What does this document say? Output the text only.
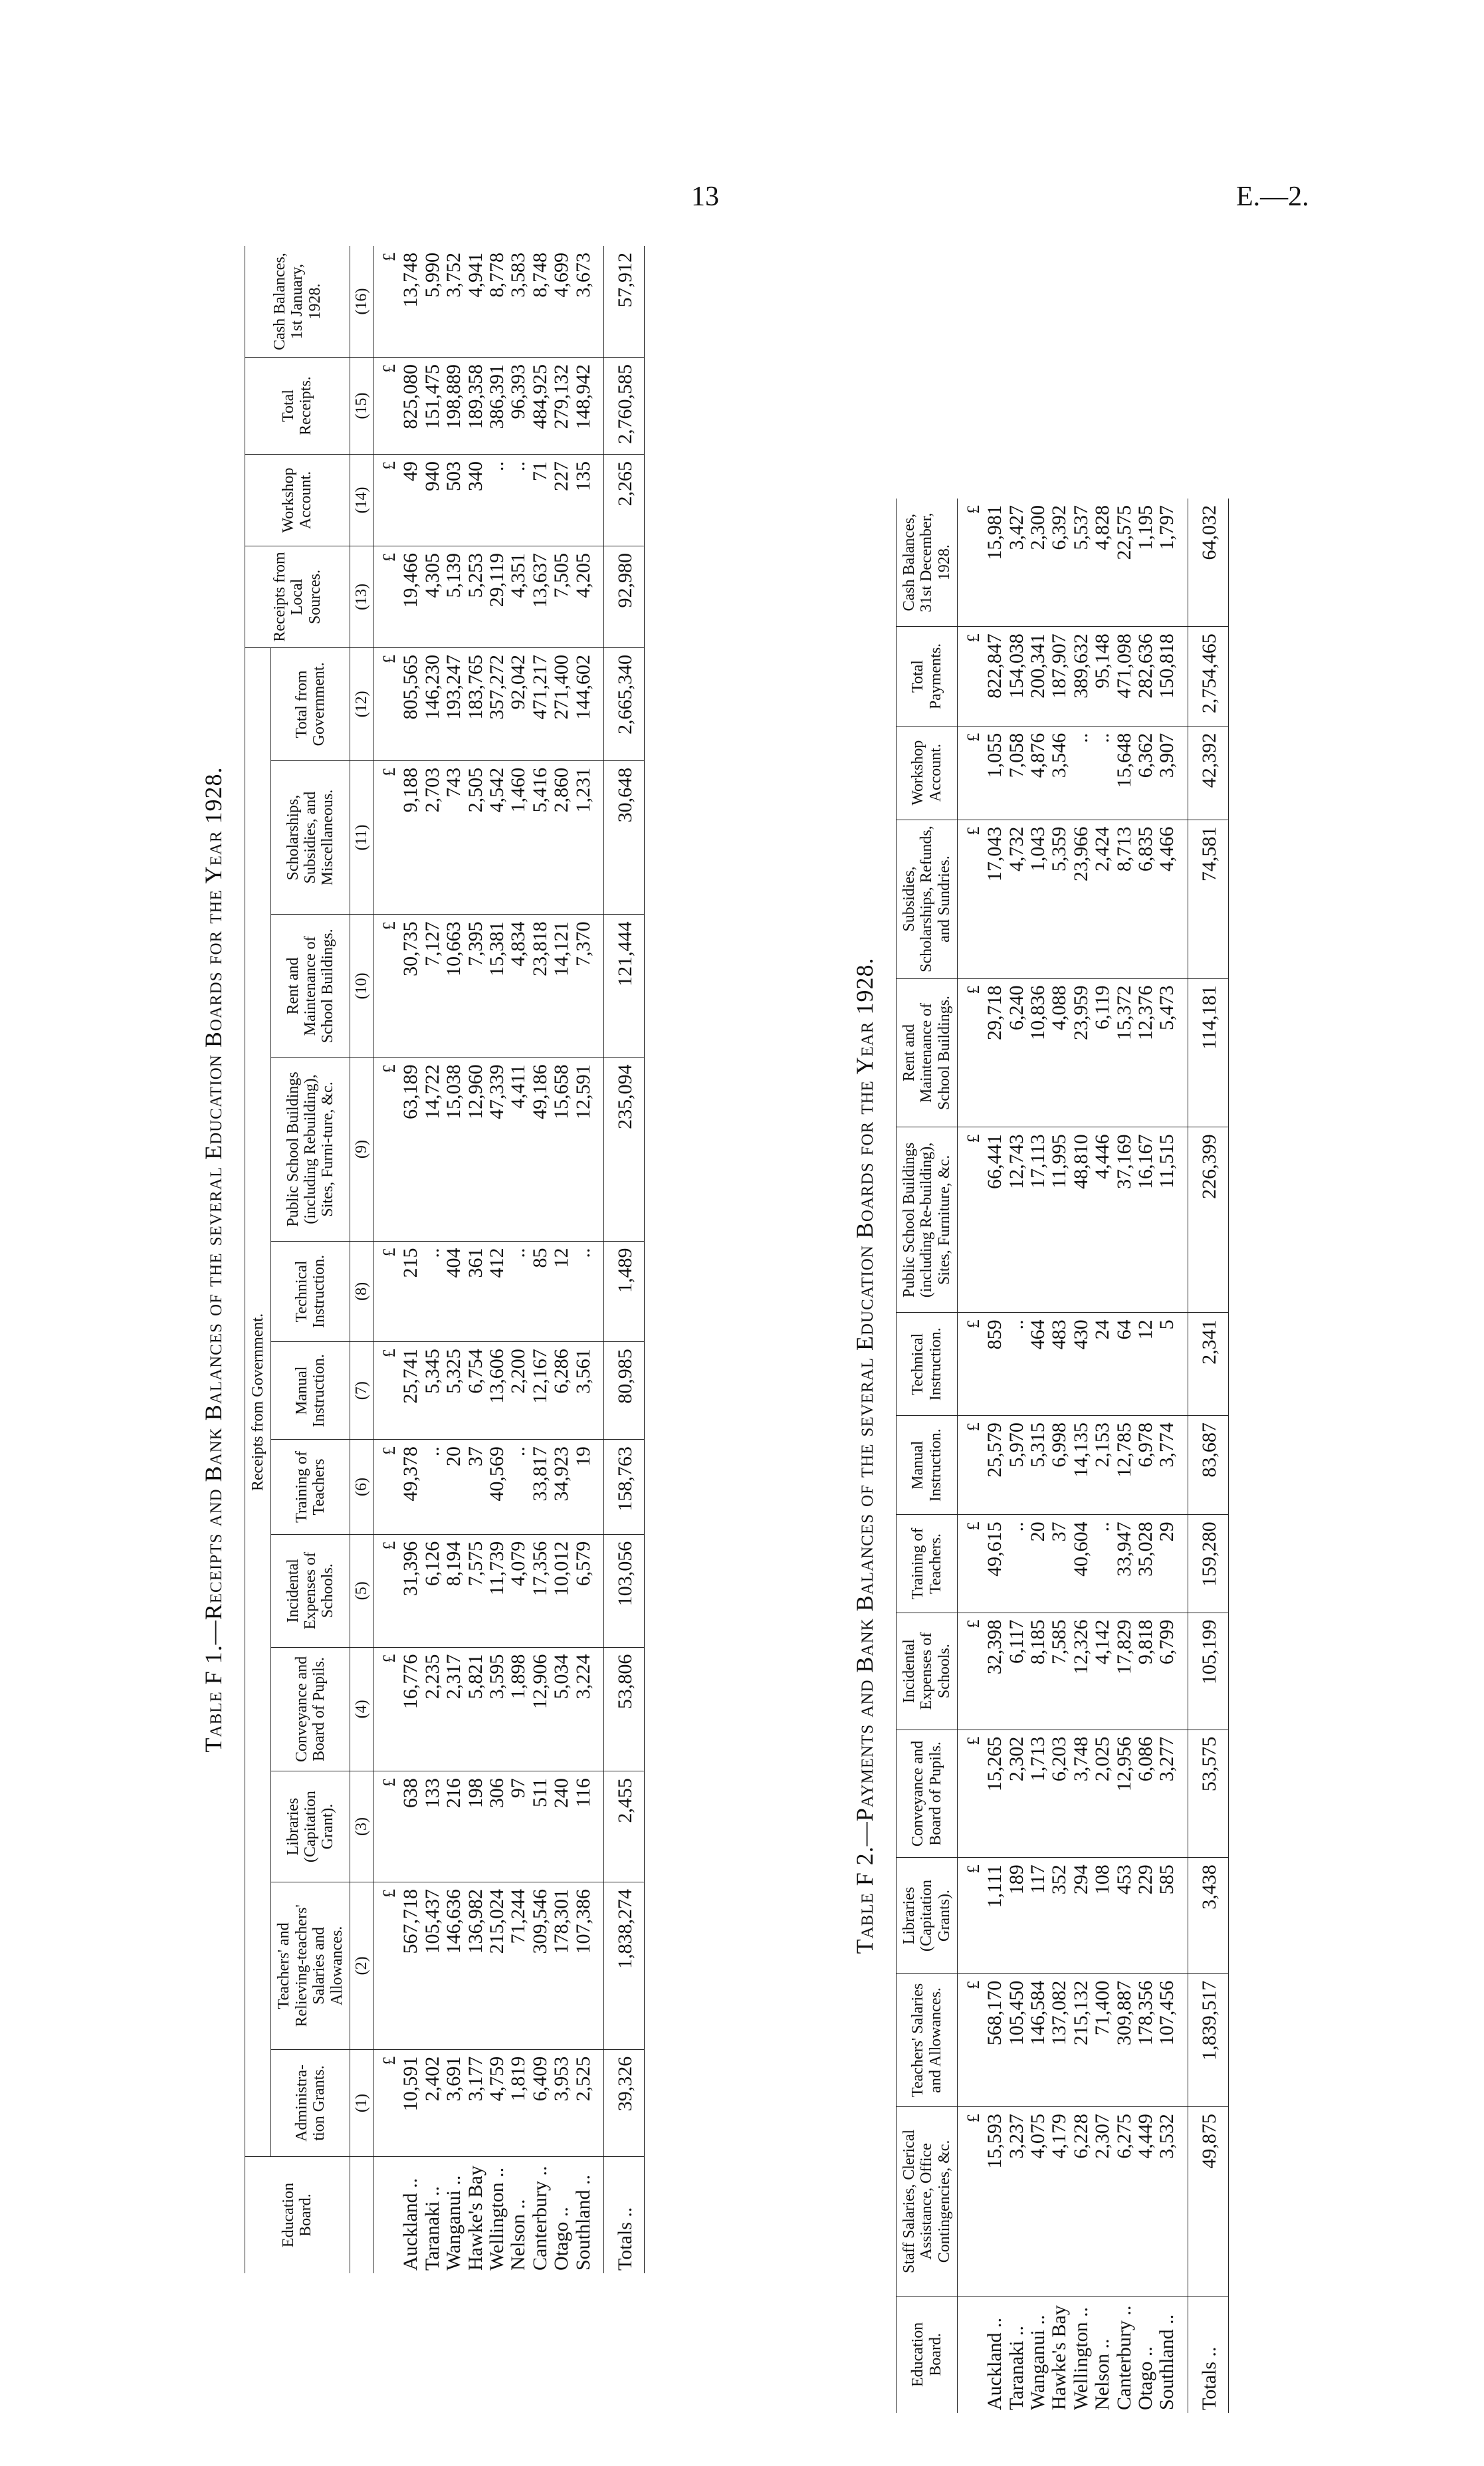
13	E.—2.
Table F 1.—Receipts and Bank Balances of the several Education Boards for the Year 1928.
Education Board.	Receipts from Government.												Receipts from Local Sources.	Workshop Account.	Total Receipts.	Cash Balances, 1st January, 1928.
	Administra-tion Grants.	Teachers' and Relieving-teachers' Salaries and Allowances.	Libraries (Capitation Grant).	Conveyance and Board of Pupils.	Incidental Expenses of Schools.	Training of Teachers	Manual Instruction.	Technical Instruction.	Public School Buildings (including Rebuilding), Sites, Furni-ture, &c.	Rent and Maintenance of School Buildings.	Scholarships, Subsidies, and Miscellaneous.	Total from Government.				
	(1)	(2)	(3)	(4)	(5)	(6)	(7)	(8)	(9)	(10)	(11)	(12)	(13)	(14)	(15)	(16)
	£	£	£	£	£	£	£	£	£	£	£	£	£	£	£	£
Auckland ..	10,591	567,718	638	16,776	31,396	49,378	25,741	215	63,189	30,735	9,188	805,565	19,466	49	825,080	13,748
Taranaki ..	2,402	105,437	133	2,235	6,126	..	5,345	..	14,722	7,127	2,703	146,230	4,305	940	151,475	5,990
Wanganui ..	3,691	146,636	216	2,317	8,194	20	5,325	404	15,038	10,663	743	193,247	5,139	503	198,889	3,752
Hawke's Bay	3,177	136,982	198	5,821	7,575	37	6,754	361	12,960	7,395	2,505	183,765	5,253	340	189,358	4,941
Wellington ..	4,759	215,024	306	3,595	11,739	40,569	13,606	412	47,339	15,381	4,542	357,272	29,119	..	386,391	8,778
Nelson ..	1,819	71,244	97	1,898	4,079	..	2,200	..	4,411	4,834	1,460	92,042	4,351	..	96,393	3,583
Canterbury ..	6,409	309,546	511	12,906	17,356	33,817	12,167	85	49,186	23,818	5,416	471,217	13,637	71	484,925	8,748
Otago ..	3,953	178,301	240	5,034	10,012	34,923	6,286	12	15,658	14,121	2,860	271,400	7,505	227	279,132	4,699
Southland ..	2,525	107,386	116	3,224	6,579	19	3,561	..	12,591	7,370	1,231	144,602	4,205	135	148,942	3,673

Totals ..	39,326	1,838,274	2,455	53,806	103,056	158,763	80,985	1,489	235,094	121,444	30,648	2,665,340	92,980	2,265	2,760,585	57,912
Table F 2.—Payments and Bank Balances of the several Education Boards for the Year 1928.
Education Board.	Staff Salaries, Clerical Assistance, Office Contingencies, &c.	Teachers' Salaries and Allowances.	Libraries (Capitation Grants).	Conveyance and Board of Pupils.	Incidental Expenses of Schools.	Training of Teachers.	Manual Instruction.	Technical Instruction.	Public School Buildings (including Re-building), Sites, Furniture, &c.	Rent and Maintenance of School Buildings.	Subsidies, Scholarships, Refunds, and Sundries.	Workshop Account.	Total Payments.	Cash Balances, 31st December, 1928.
	£	£	£	£	£	£	£	£	£	£	£	£	£	£
Auckland ..	15,593	568,170	1,111	15,265	32,398	49,615	25,579	859	66,441	29,718	17,043	1,055	822,847	15,981
Taranaki ..	3,237	105,450	189	2,302	6,117	..	5,970	..	12,743	6,240	4,732	7,058	154,038	3,427
Wanganui ..	4,075	146,584	117	1,713	8,185	20	5,315	464	17,113	10,836	1,043	4,876	200,341	2,300
Hawke's Bay	4,179	137,082	352	6,203	7,585	37	6,998	483	11,995	4,088	5,359	3,546	187,907	6,392
Wellington ..	6,228	215,132	294	3,748	12,326	40,604	14,135	430	48,810	23,959	23,966	..	389,632	5,537
Nelson ..	2,307	71,400	108	2,025	4,142	..	2,153	24	4,446	6,119	2,424	..	95,148	4,828
Canterbury ..	6,275	309,887	453	12,956	17,829	33,947	12,785	64	37,169	15,372	8,713	15,648	471,098	22,575
Otago ..	4,449	178,356	229	6,086	9,818	35,028	6,978	12	16,167	12,376	6,835	6,362	282,636	1,195
Southland ..	3,532	107,456	585	3,277	6,799	29	3,774	5	11,515	5,473	4,466	3,907	150,818	1,797

Totals ..	49,875	1,839,517	3,438	53,575	105,199	159,280	83,687	2,341	226,399	114,181	74,581	42,392	2,754,465	64,032
